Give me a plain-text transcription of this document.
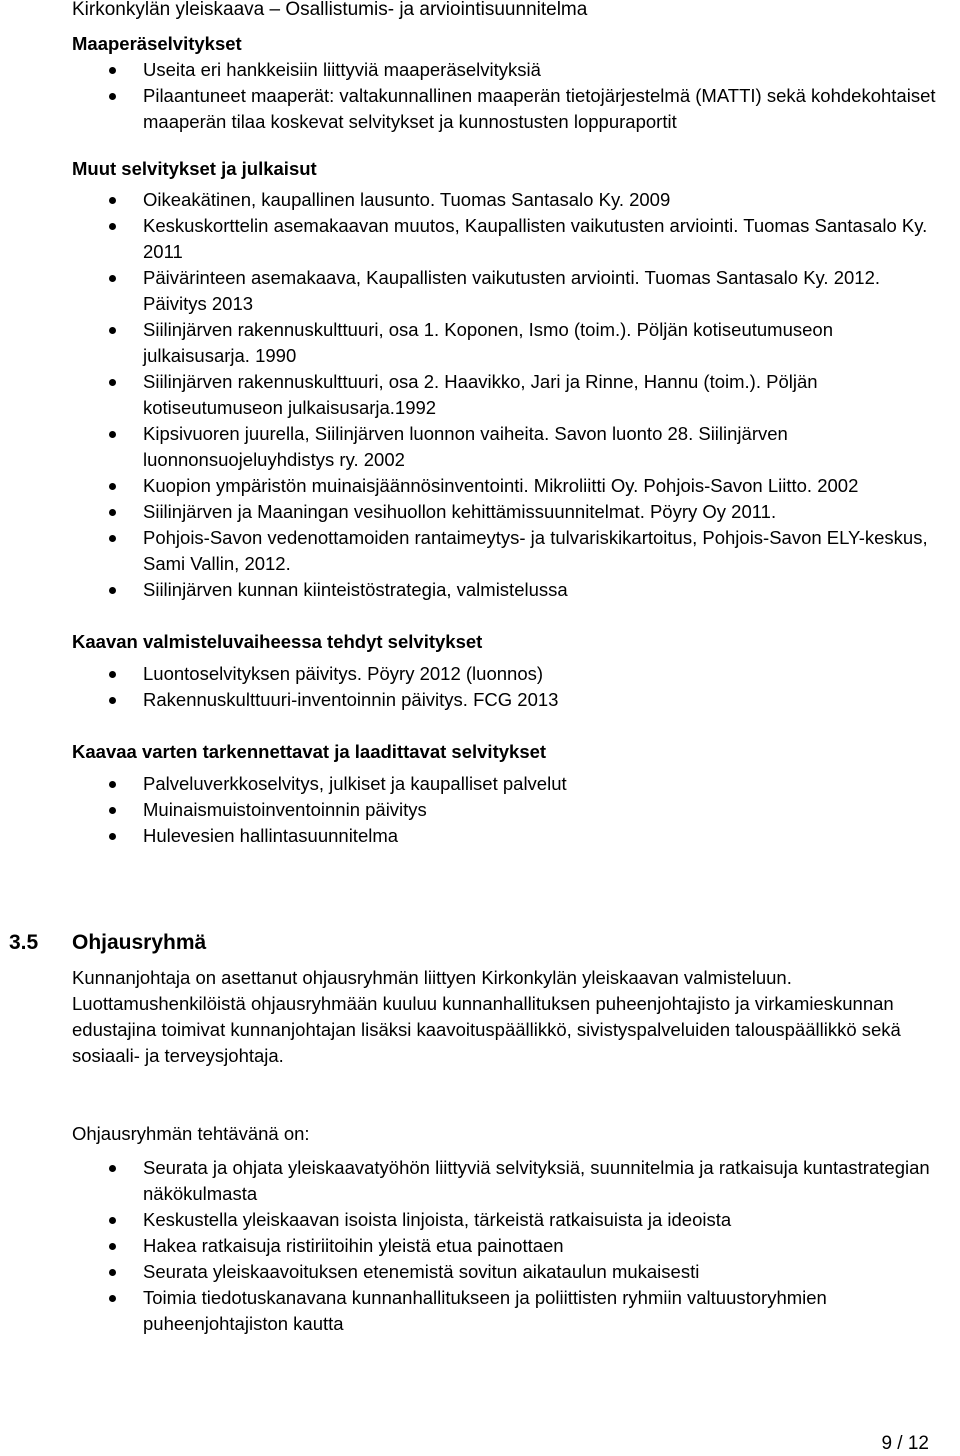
Kirkonkylän yleiskaava – Osallistumis- ja arviointisuunnitelma
Maaperäselvitykset
Useita eri hankkeisiin liittyviä maaperäselvityksiä
Pilaantuneet maaperät: valtakunnallinen maaperän tietojärjestelmä (MATTI) sekä kohdekohtaiset maaperän tilaa koskevat selvitykset ja kunnostusten loppuraportit
Muut selvitykset ja julkaisut
Oikeakätinen, kaupallinen lausunto. Tuomas Santasalo Ky. 2009
Keskuskorttelin asemakaavan muutos, Kaupallisten vaikutusten arviointi. Tuomas Santasalo Ky. 2011
Päivärinteen asemakaava, Kaupallisten vaikutusten arviointi. Tuomas Santasalo Ky. 2012. Päivitys 2013
Siilinjärven rakennuskulttuuri, osa 1. Koponen, Ismo (toim.). Pöljän kotiseutumuseon julkaisusarja. 1990
Siilinjärven rakennuskulttuuri, osa 2. Haavikko, Jari ja Rinne, Hannu (toim.). Pöljän kotiseutumuseon julkaisusarja.1992
Kipsivuoren juurella, Siilinjärven luonnon vaiheita. Savon luonto 28. Siilinjärven luonnonsuojeluyhdistys ry. 2002
Kuopion ympäristön muinaisjäännösinventointi. Mikroliitti Oy. Pohjois-Savon Liitto. 2002
Siilinjärven ja Maaningan vesihuollon kehittämissuunnitelmat. Pöyry Oy 2011.
Pohjois-Savon vedenottamoiden rantaimeytys- ja tulvariskikartoitus, Pohjois-Savon ELY-keskus, Sami Vallin, 2012.
Siilinjärven kunnan kiinteistöstrategia, valmistelussa
Kaavan valmisteluvaiheessa tehdyt selvitykset
Luontoselvityksen päivitys. Pöyry 2012 (luonnos)
Rakennuskulttuuri-inventoinnin päivitys. FCG 2013
Kaavaa varten tarkennettavat ja laadittavat selvitykset
Palveluverkkoselvitys, julkiset ja kaupalliset palvelut
Muinaismuistoinventoinnin päivitys
Hulevesien hallintasuunnitelma
3.5 Ohjausryhmä

Kunnanjohtaja on asettanut ohjausryhmän liittyen Kirkonkylän yleiskaavan valmisteluun. Luottamushenkilöistä ohjausryhmään kuuluu kunnanhallituksen puheenjohtajisto ja virkamieskunnan edustajina toimivat kunnanjohtajan lisäksi kaavoituspäällikkö, sivistyspalveluiden talouspäällikkö sekä sosiaali- ja terveysjohtaja.

Ohjausryhmän tehtävänä on:

Seurata ja ohjata yleiskaavatyöhön liittyviä selvityksiä, suunnitelmia ja ratkaisuja kuntastrategian näkökulmasta
Keskustella yleiskaavan isoista linjoista, tärkeistä ratkaisuista ja ideoista
Hakea ratkaisuja ristiriitoihin yleistä etua painottaen
Seurata yleiskaavoituksen etenemistä sovitun aikataulun mukaisesti
Toimia tiedotuskanavana kunnanhallitukseen ja poliittisten ryhmiin valtuustoryhmien puheenjohtajiston kautta
9 / 12
